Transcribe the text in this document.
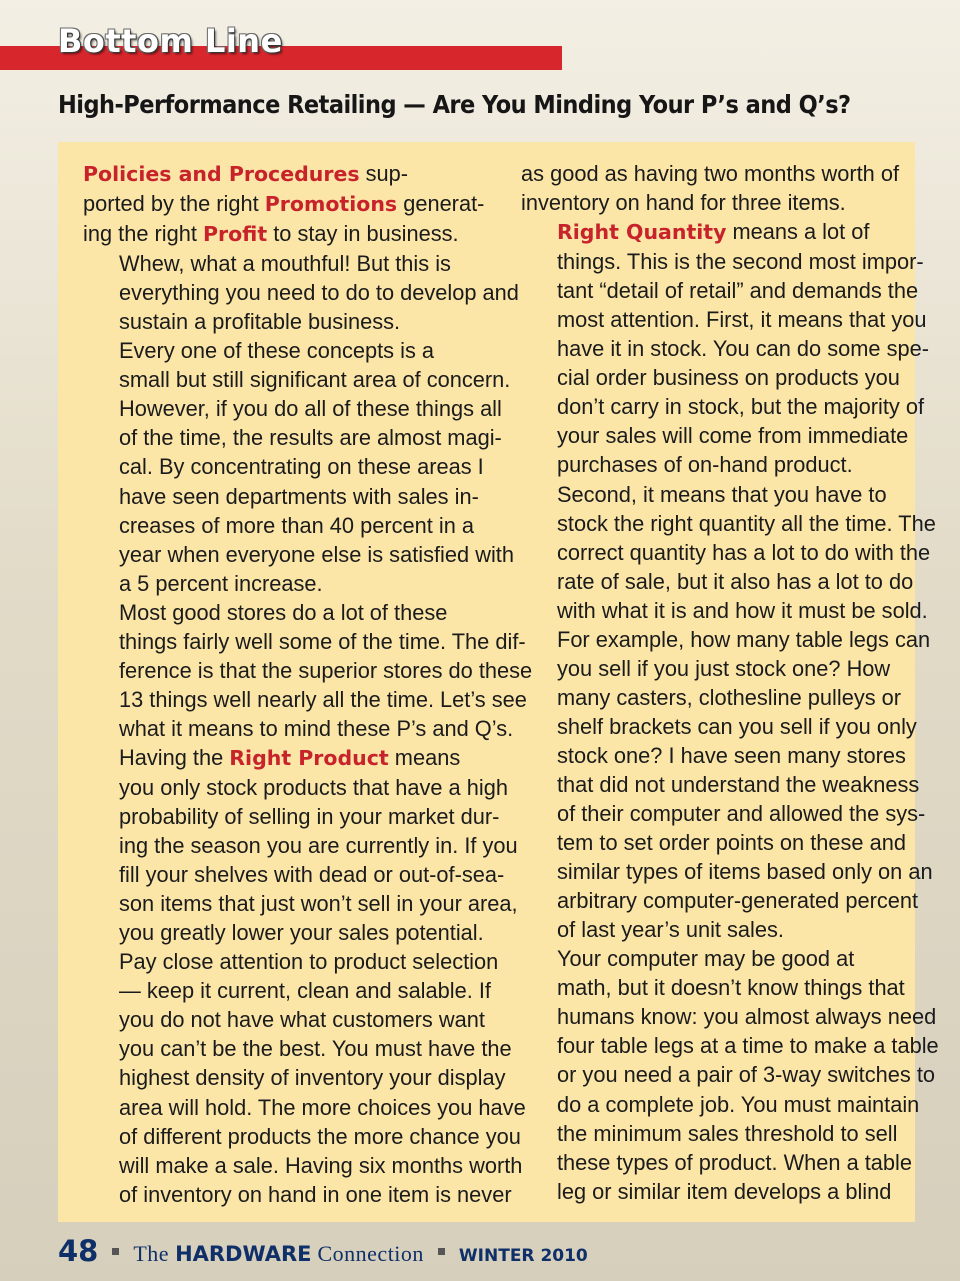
Bottom Line
High-Performance Retailing — Are You Minding Your P’s and Q’s?

Policies and Procedures sup-
ported by the right Promotions generat-
ing the right Profit to stay in business.

Whew, what a mouthful! But this is
everything you need to do to develop and
sustain a profitable business.

Every one of these concepts is a
small but still significant area of concern.
However, if you do all of these things all
of the time, the results are almost magi-
cal. By concentrating on these areas I
have seen departments with sales in-
creases of more than 40 percent in a
year when everyone else is satisfied with
a 5 percent increase.

Most good stores do a lot of these
things fairly well some of the time. The dif-
ference is that the superior stores do these
13 things well nearly all the time. Let’s see
what it means to mind these P’s and Q’s.

Having the Right Product means
you only stock products that have a high
probability of selling in your market dur-
ing the season you are currently in. If you
fill your shelves with dead or out-of-sea-
son items that just won’t sell in your area,
you greatly lower your sales potential.
Pay close attention to product selection
— keep it current, clean and salable. If
you do not have what customers want
you can’t be the best. You must have the
highest density of inventory your display
area will hold. The more choices you have
of different products the more chance you
will make a sale. Having six months worth
of inventory on hand in one item is never

as good as having two months worth of
inventory on hand for three items.

Right Quantity means a lot of
things. This is the second most impor-
tant “detail of retail” and demands the
most attention. First, it means that you
have it in stock. You can do some spe-
cial order business on products you
don’t carry in stock, but the majority of
your sales will come from immediate
purchases of on-hand product.

Second, it means that you have to
stock the right quantity all the time. The
correct quantity has a lot to do with the
rate of sale, but it also has a lot to do
with what it is and how it must be sold.
For example, how many table legs can
you sell if you just stock one? How
many casters, clothesline pulleys or
shelf brackets can you sell if you only
stock one? I have seen many stores
that did not understand the weakness
of their computer and allowed the sys-
tem to set order points on these and
similar types of items based only on an
arbitrary computer-generated percent
of last year’s unit sales.

Your computer may be good at
math, but it doesn’t know things that
humans know: you almost always need
four table legs at a time to make a table
or you need a pair of 3-way switches to
do a complete job. You must maintain
the minimum sales threshold to sell
these types of product. When a table
leg or similar item develops a blind

48 The HARDWARE Connection WINTER 2010
